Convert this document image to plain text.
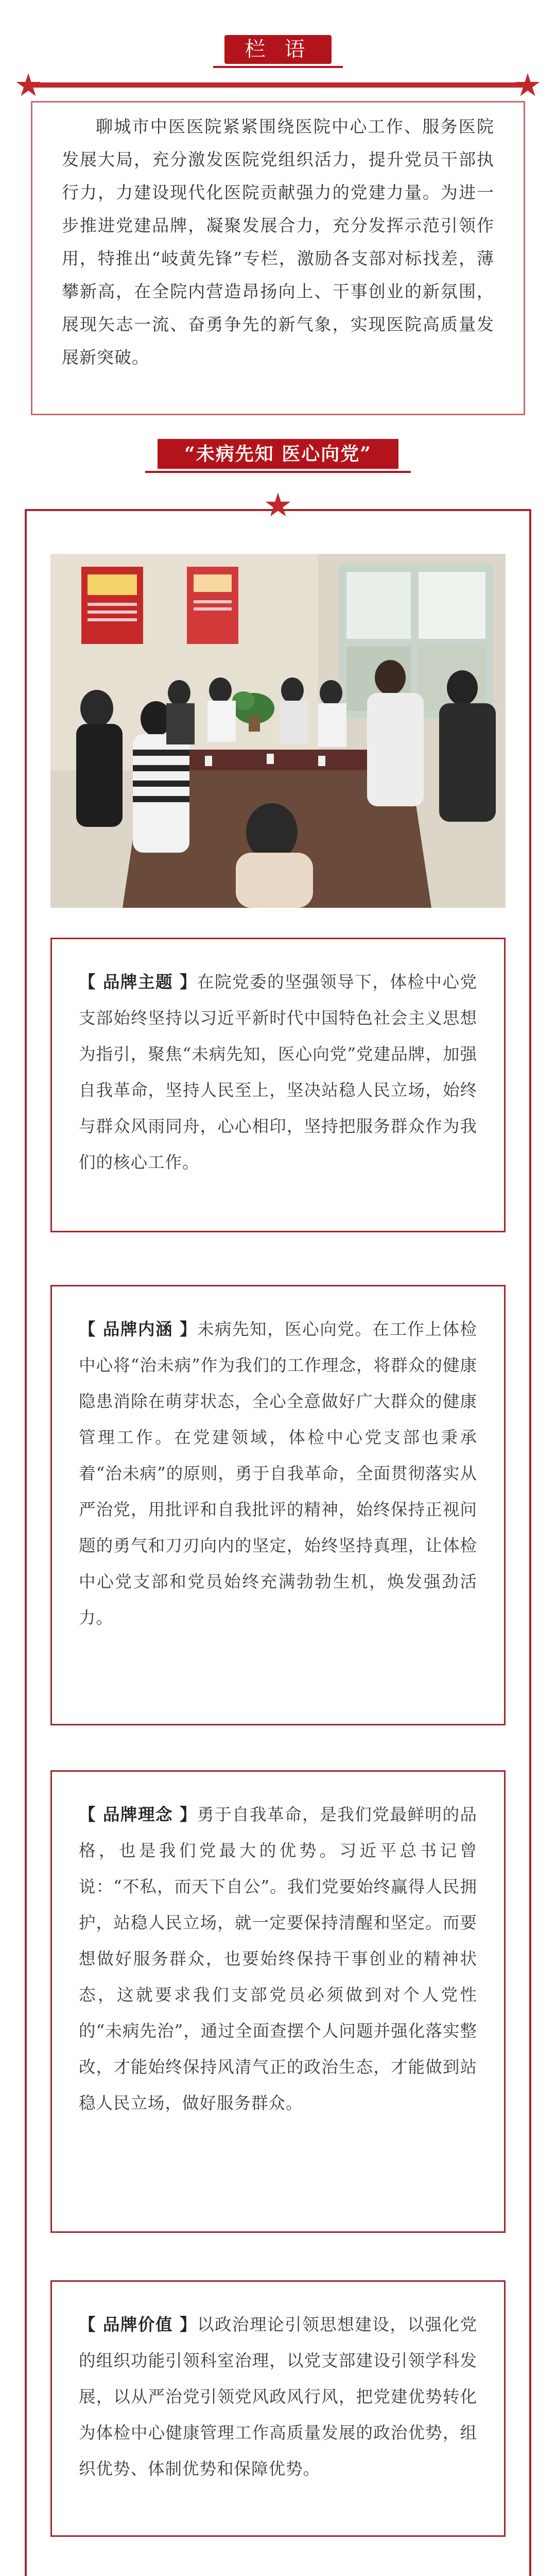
栏 语
聊城市中医医院紧紧围绕医院中心工作、服务医院发展大局，充分激发医院党组织活力，提升党员干部执行力，力建设现代化医院贡献强力的党建力量。为进一步推进党建品牌，凝聚发展合力，充分发挥示范引领作用，特推出“岐黄先锋”专栏，激励各支部对标找差，薄攀新高，在全院内营造昂扬向上、干事创业的新氛围，展现矢志一流、奋勇争先的新气象，实现医院高质量发展新突破。
“未病先知 医心向党”
【 品牌主题 】在院党委的坚强领导下，体检中心党支部始终坚持以习近平新时代中国特色社会主义思想为指引，聚焦“未病先知，医心向党”党建品牌，加强自我革命，坚持人民至上，坚决站稳人民立场，始终与群众风雨同舟，心心相印，坚持把服务群众作为我们的核心工作。
【 品牌内涵 】未病先知，医心向党。在工作上体检中心将“治未病”作为我们的工作理念，将群众的健康隐患消除在萌芽状态，全心全意做好广大群众的健康管理工作。在党建领域，体检中心党支部也秉承着“治未病”的原则，勇于自我革命，全面贯彻落实从严治党，用批评和自我批评的精神，始终保持正视问题的勇气和刀刃向内的坚定，始终坚持真理，让体检中心党支部和党员始终充满勃勃生机，焕发强劲活力。
【 品牌理念 】勇于自我革命，是我们党最鲜明的品格，也是我们党最大的优势。习近平总书记曾说：“不私，而天下自公”。我们党要始终赢得人民拥护，站稳人民立场，就一定要保持清醒和坚定。而要想做好服务群众，也要始终保持干事创业的精神状态，这就要求我们支部党员必须做到对个人党性的“未病先治”，通过全面查摆个人问题并强化落实整改，才能始终保持风清气正的政治生态，才能做到站稳人民立场，做好服务群众。
【 品牌价值 】以政治理论引领思想建设，以强化党的组织功能引领科室治理，以党支部建设引领学科发展，以从严治党引领党风政风行风，把党建优势转化为体检中心健康管理工作高质量发展的政治优势，组织优势、体制优势和保障优势。
